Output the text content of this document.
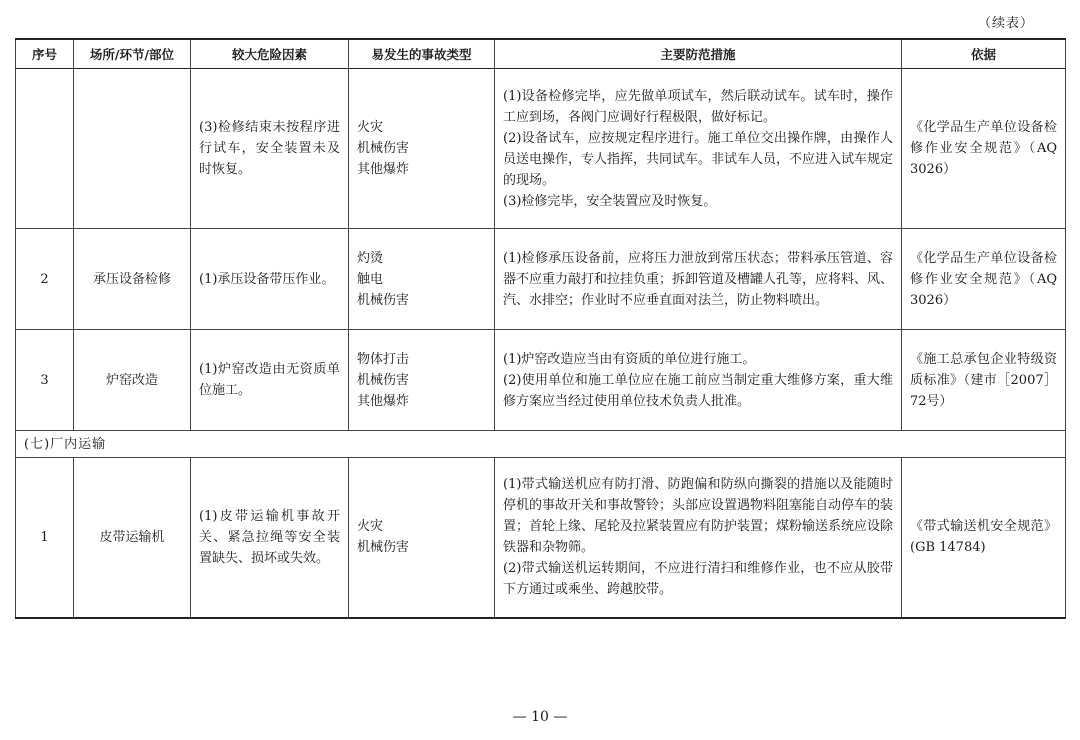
（续表）
序号	场所/环节/部位	较大危险因素	易发生的事故类型	主要防范措施	依据
		(3)检修结束未按程序进行试车，安全装置未及时恢复。	火灾
机械伤害
其他爆炸	(1)设备检修完毕，应先做单项试车，然后联动试车。试车时，操作工应到场，各阀门应调好行程极限，做好标记。
(2)设备试车，应按规定程序进行。施工单位交出操作牌，由操作人员送电操作，专人指挥，共同试车。非试车人员，不应进入试车规定的现场。
(3)检修完毕，安全装置应及时恢复。	《化学品生产单位设备检修作业安全规范》（AQ 3026）
2	承压设备检修	(1)承压设备带压作业。	灼烫
触电
机械伤害	(1)检修承压设备前，应将压力泄放到常压状态；带料承压管道、容器不应重力敲打和拉挂负重；拆卸管道及槽罐人孔等，应将料、风、汽、水排空；作业时不应垂直面对法兰，防止物料喷出。	《化学品生产单位设备检修作业安全规范》（AQ 3026）
3	炉窑改造	(1)炉窑改造由无资质单位施工。	物体打击
机械伤害
其他爆炸	(1)炉窑改造应当由有资质的单位进行施工。
(2)使用单位和施工单位应在施工前应当制定重大维修方案，重大维修方案应当经过使用单位技术负责人批准。	《施工总承包企业特级资质标准》（建市［2007］72号）
(七)厂内运输					
1	皮带运输机	(1)皮带运输机事故开关、紧急拉绳等安全装置缺失、损坏或失效。	火灾
机械伤害	(1)带式输送机应有防打滑、防跑偏和防纵向撕裂的措施以及能随时停机的事故开关和事故警铃；头部应设置遇物料阻塞能自动停车的装置；首轮上缘、尾轮及拉紧装置应有防护装置；煤粉输送系统应设除铁器和杂物筛。
(2)带式输送机运转期间，不应进行清扫和维修作业，也不应从胶带下方通过或乘坐、跨越胶带。	《带式输送机安全规范》(GB 14784)
— 10 —
